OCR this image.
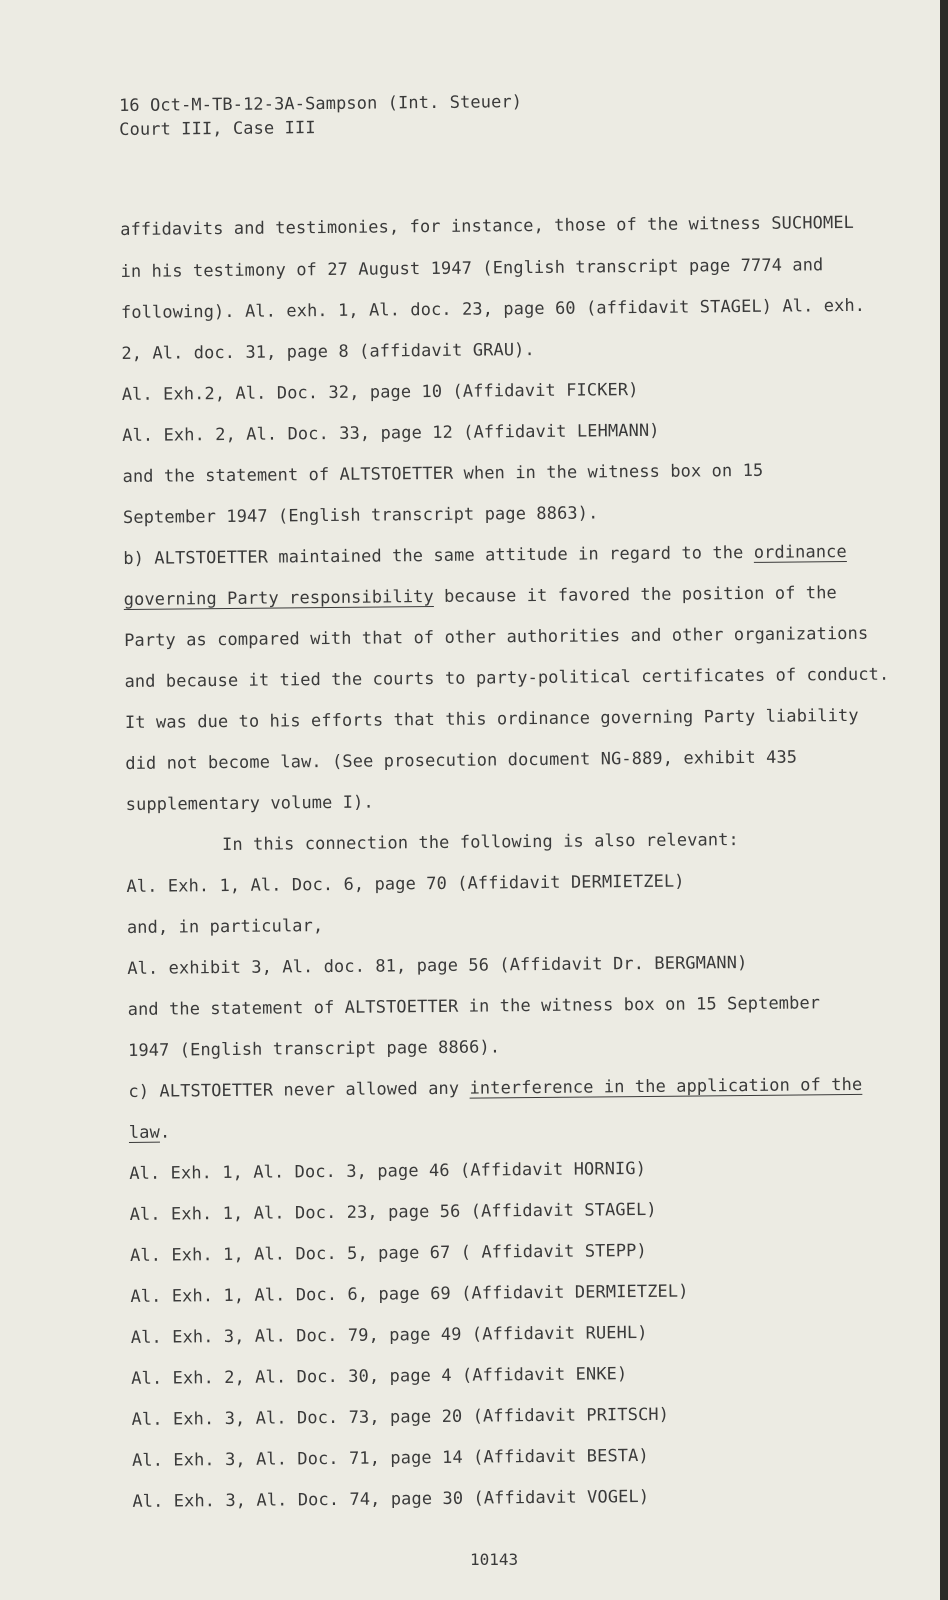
16 Oct-M-TB-12-3A-Sampson (Int. Steuer)
Court III, Case III
affidavits and testimonies, for instance, those of the witness SUCHOMEL
in his testimony of 27 August 1947 (English transcript page 7774 and
following). Al. exh. 1, Al. doc. 23, page 60 (affidavit STAGEL) Al. exh.
2, Al. doc. 31, page 8 (affidavit GRAU).
Al. Exh.2, Al. Doc. 32, page 10 (Affidavit FICKER)
Al. Exh. 2, Al. Doc. 33, page 12 (Affidavit LEHMANN)
and the statement of ALTSTOETTER when in the witness box on 15
September 1947 (English transcript page 8863).
b) ALTSTOETTER maintained the same attitude in regard to the ordinance
governing Party responsibility because it favored the position of the
Party as compared with that of other authorities and other organizations
and because it tied the courts to party-political certificates of conduct.
It was due to his efforts that this ordinance governing Party liability
did not become law. (See prosecution document NG-889, exhibit 435
supplementary volume I).
In this connection the following is also relevant:
Al. Exh. 1, Al. Doc. 6, page 70 (Affidavit DERMIETZEL)
and, in particular,
Al. exhibit 3, Al. doc. 81, page 56 (Affidavit Dr. BERGMANN)
and the statement of ALTSTOETTER in the witness box on 15 September
1947 (English transcript page 8866).
c) ALTSTOETTER never allowed any interference in the application of the
law.
Al. Exh. 1, Al. Doc. 3, page 46 (Affidavit HORNIG)
Al. Exh. 1, Al. Doc. 23, page 56 (Affidavit STAGEL)
Al. Exh. 1, Al. Doc. 5, page 67 ( Affidavit STEPP)
Al. Exh. 1, Al. Doc. 6, page 69 (Affidavit DERMIETZEL)
Al. Exh. 3, Al. Doc. 79, page 49 (Affidavit RUEHL)
Al. Exh. 2, Al. Doc. 30, page 4 (Affidavit ENKE)
Al. Exh. 3, Al. Doc. 73, page 20 (Affidavit PRITSCH)
Al. Exh. 3, Al. Doc. 71, page 14 (Affidavit BESTA)
Al. Exh. 3, Al. Doc. 74, page 30 (Affidavit VOGEL)
10143
